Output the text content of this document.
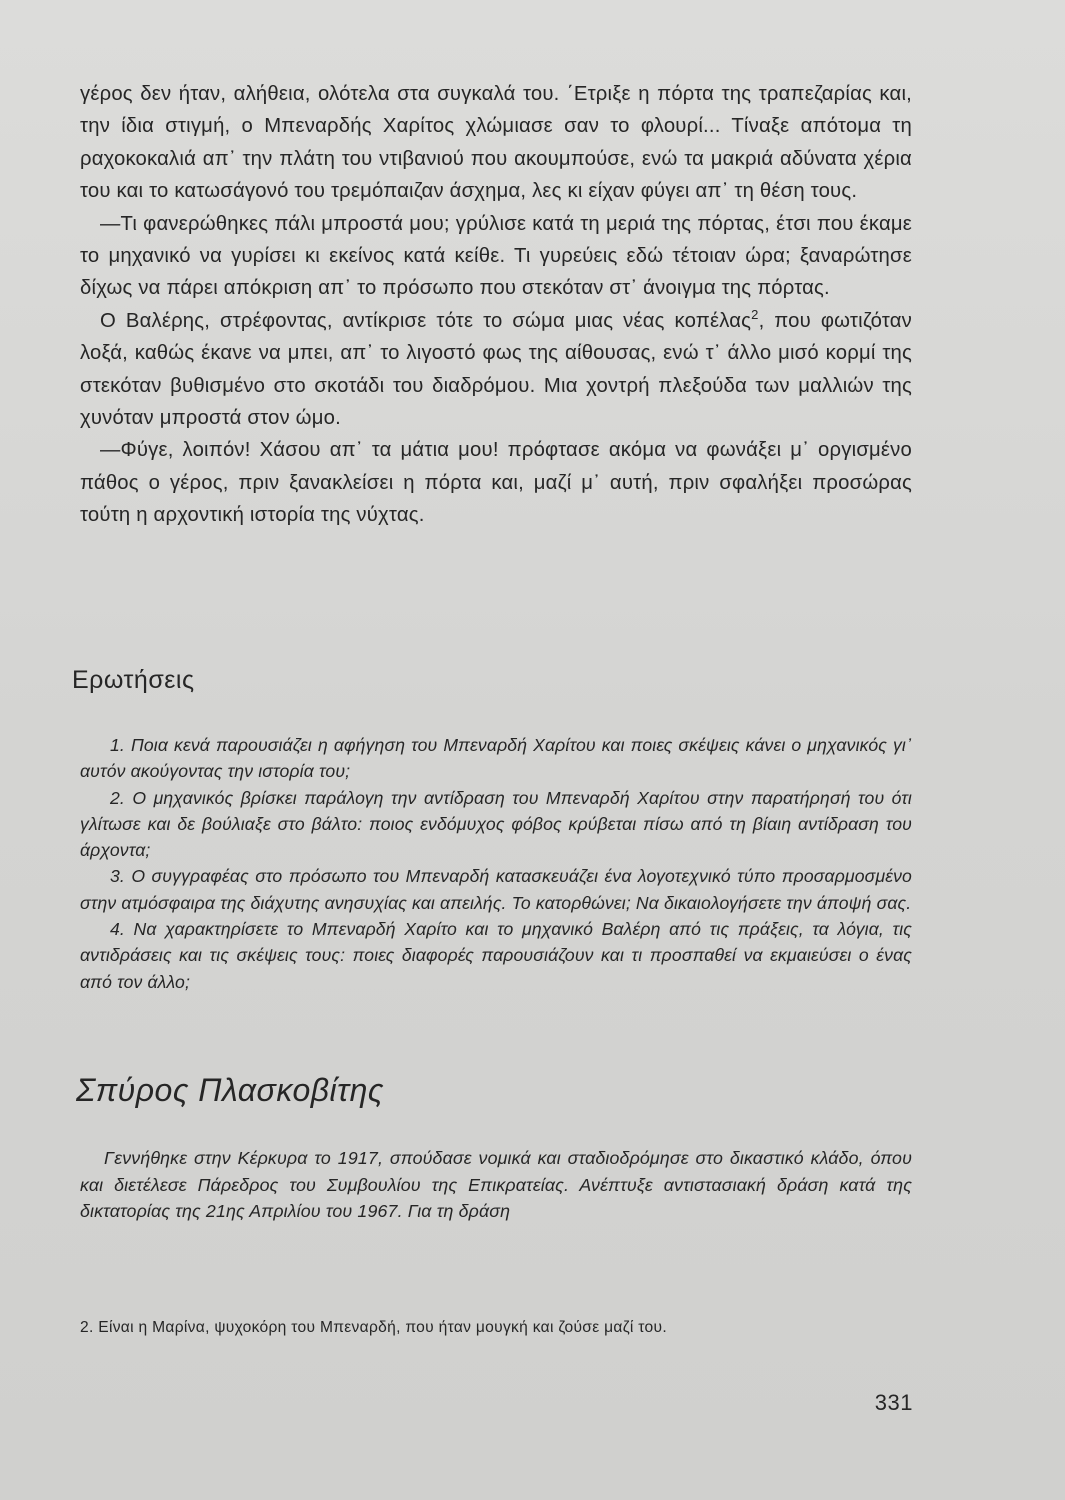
γέρος δεν ήταν, αλήθεια, ολότελα στα συγκαλά του. ΄Ετριξε η πόρτα της τραπεζαρίας και, την ίδια στιγμή, ο Μπεναρδής Χαρίτος χλώμιασε σαν το φλουρί... Τίναξε απότομα τη ραχοκοκαλιά απ᾽ την πλάτη του ντιβανιού που ακουμπούσε, ενώ τα μακριά αδύνατα χέρια του και το κατωσάγονό του τρεμόπαιζαν άσχημα, λες κι είχαν φύγει απ᾽ τη θέση τους.

—Τι φανερώθηκες πάλι μπροστά μου; γρύλισε κατά τη μεριά της πόρτας, έτσι που έκαμε το μηχανικό να γυρίσει κι εκείνος κατά κείθε. Τι γυρεύεις εδώ τέτοιαν ώρα; ξαναρώτησε δίχως να πάρει απόκριση απ᾽ το πρόσωπο που στεκόταν στ᾽ άνοιγμα της πόρτας.

Ο Βαλέρης, στρέφοντας, αντίκρισε τότε το σώμα μιας νέας κοπέλας$^2$, που φωτιζόταν λοξά, καθώς έκανε να μπει, απ᾽ το λιγοστό φως της αίθουσας, ενώ τ᾽ άλλο μισό κορμί της στεκόταν βυθισμένο στο σκοτάδι του διαδρόμου. Μια χοντρή πλεξούδα των μαλλιών της χυνόταν μπροστά στον ώμο.

—Φύγε, λοιπόν! Χάσου απ᾽ τα μάτια μου! πρόφτασε ακόμα να φωνάξει μ᾽ οργισμένο πάθος ο γέρος, πριν ξανακλείσει η πόρτα και, μαζί μ᾽ αυτή, πριν σφαλήξει προσώρας τούτη η αρχοντική ιστορία της νύχτας.

Ερωτήσεις
1. Ποια κενά παρουσιάζει η αφήγηση του Μπεναρδή Χαρίτου και ποιες σκέψεις κάνει ο μηχανικός γι᾽ αυτόν ακούγοντας την ιστορία του;
2. Ο μηχανικός βρίσκει παράλογη την αντίδραση του Μπεναρδή Χαρίτου στην παρατήρησή του ότι γλίτωσε και δε βούλιαξε στο βάλτο: ποιος ενδόμυχος φόβος κρύβεται πίσω από τη βίαιη αντίδραση του άρχοντα;
3. Ο συγγραφέας στο πρόσωπο του Μπεναρδή κατασκευάζει ένα λογοτεχνικό τύπο προσαρμοσμένο στην ατμόσφαιρα της διάχυτης ανησυχίας και απειλής. Το κατορθώνει; Να δικαιολογήσετε την άποψή σας.
4. Να χαρακτηρίσετε το Μπεναρδή Χαρίτο και το μηχανικό Βαλέρη από τις πράξεις, τα λόγια, τις αντιδράσεις και τις σκέψεις τους: ποιες διαφορές παρουσιάζουν και τι προσπαθεί να εκμαιεύσει ο ένας από τον άλλο;
Σπύρος Πλασκοβίτης

Γεννήθηκε στην Κέρκυρα το 1917, σπούδασε νομικά και σταδιοδρόμησε στο δικαστικό κλάδο, όπου και διετέλεσε Πάρεδρος του Συμβουλίου της Επικρατείας. Ανέπτυξε αντιστασιακή δράση κατά της δικτατορίας της 21ης Απριλίου του 1967. Για τη δράση

2. Είναι η Μαρίνα, ψυχοκόρη του Μπεναρδή, που ήταν μουγκή και ζούσε μαζί του.

331
